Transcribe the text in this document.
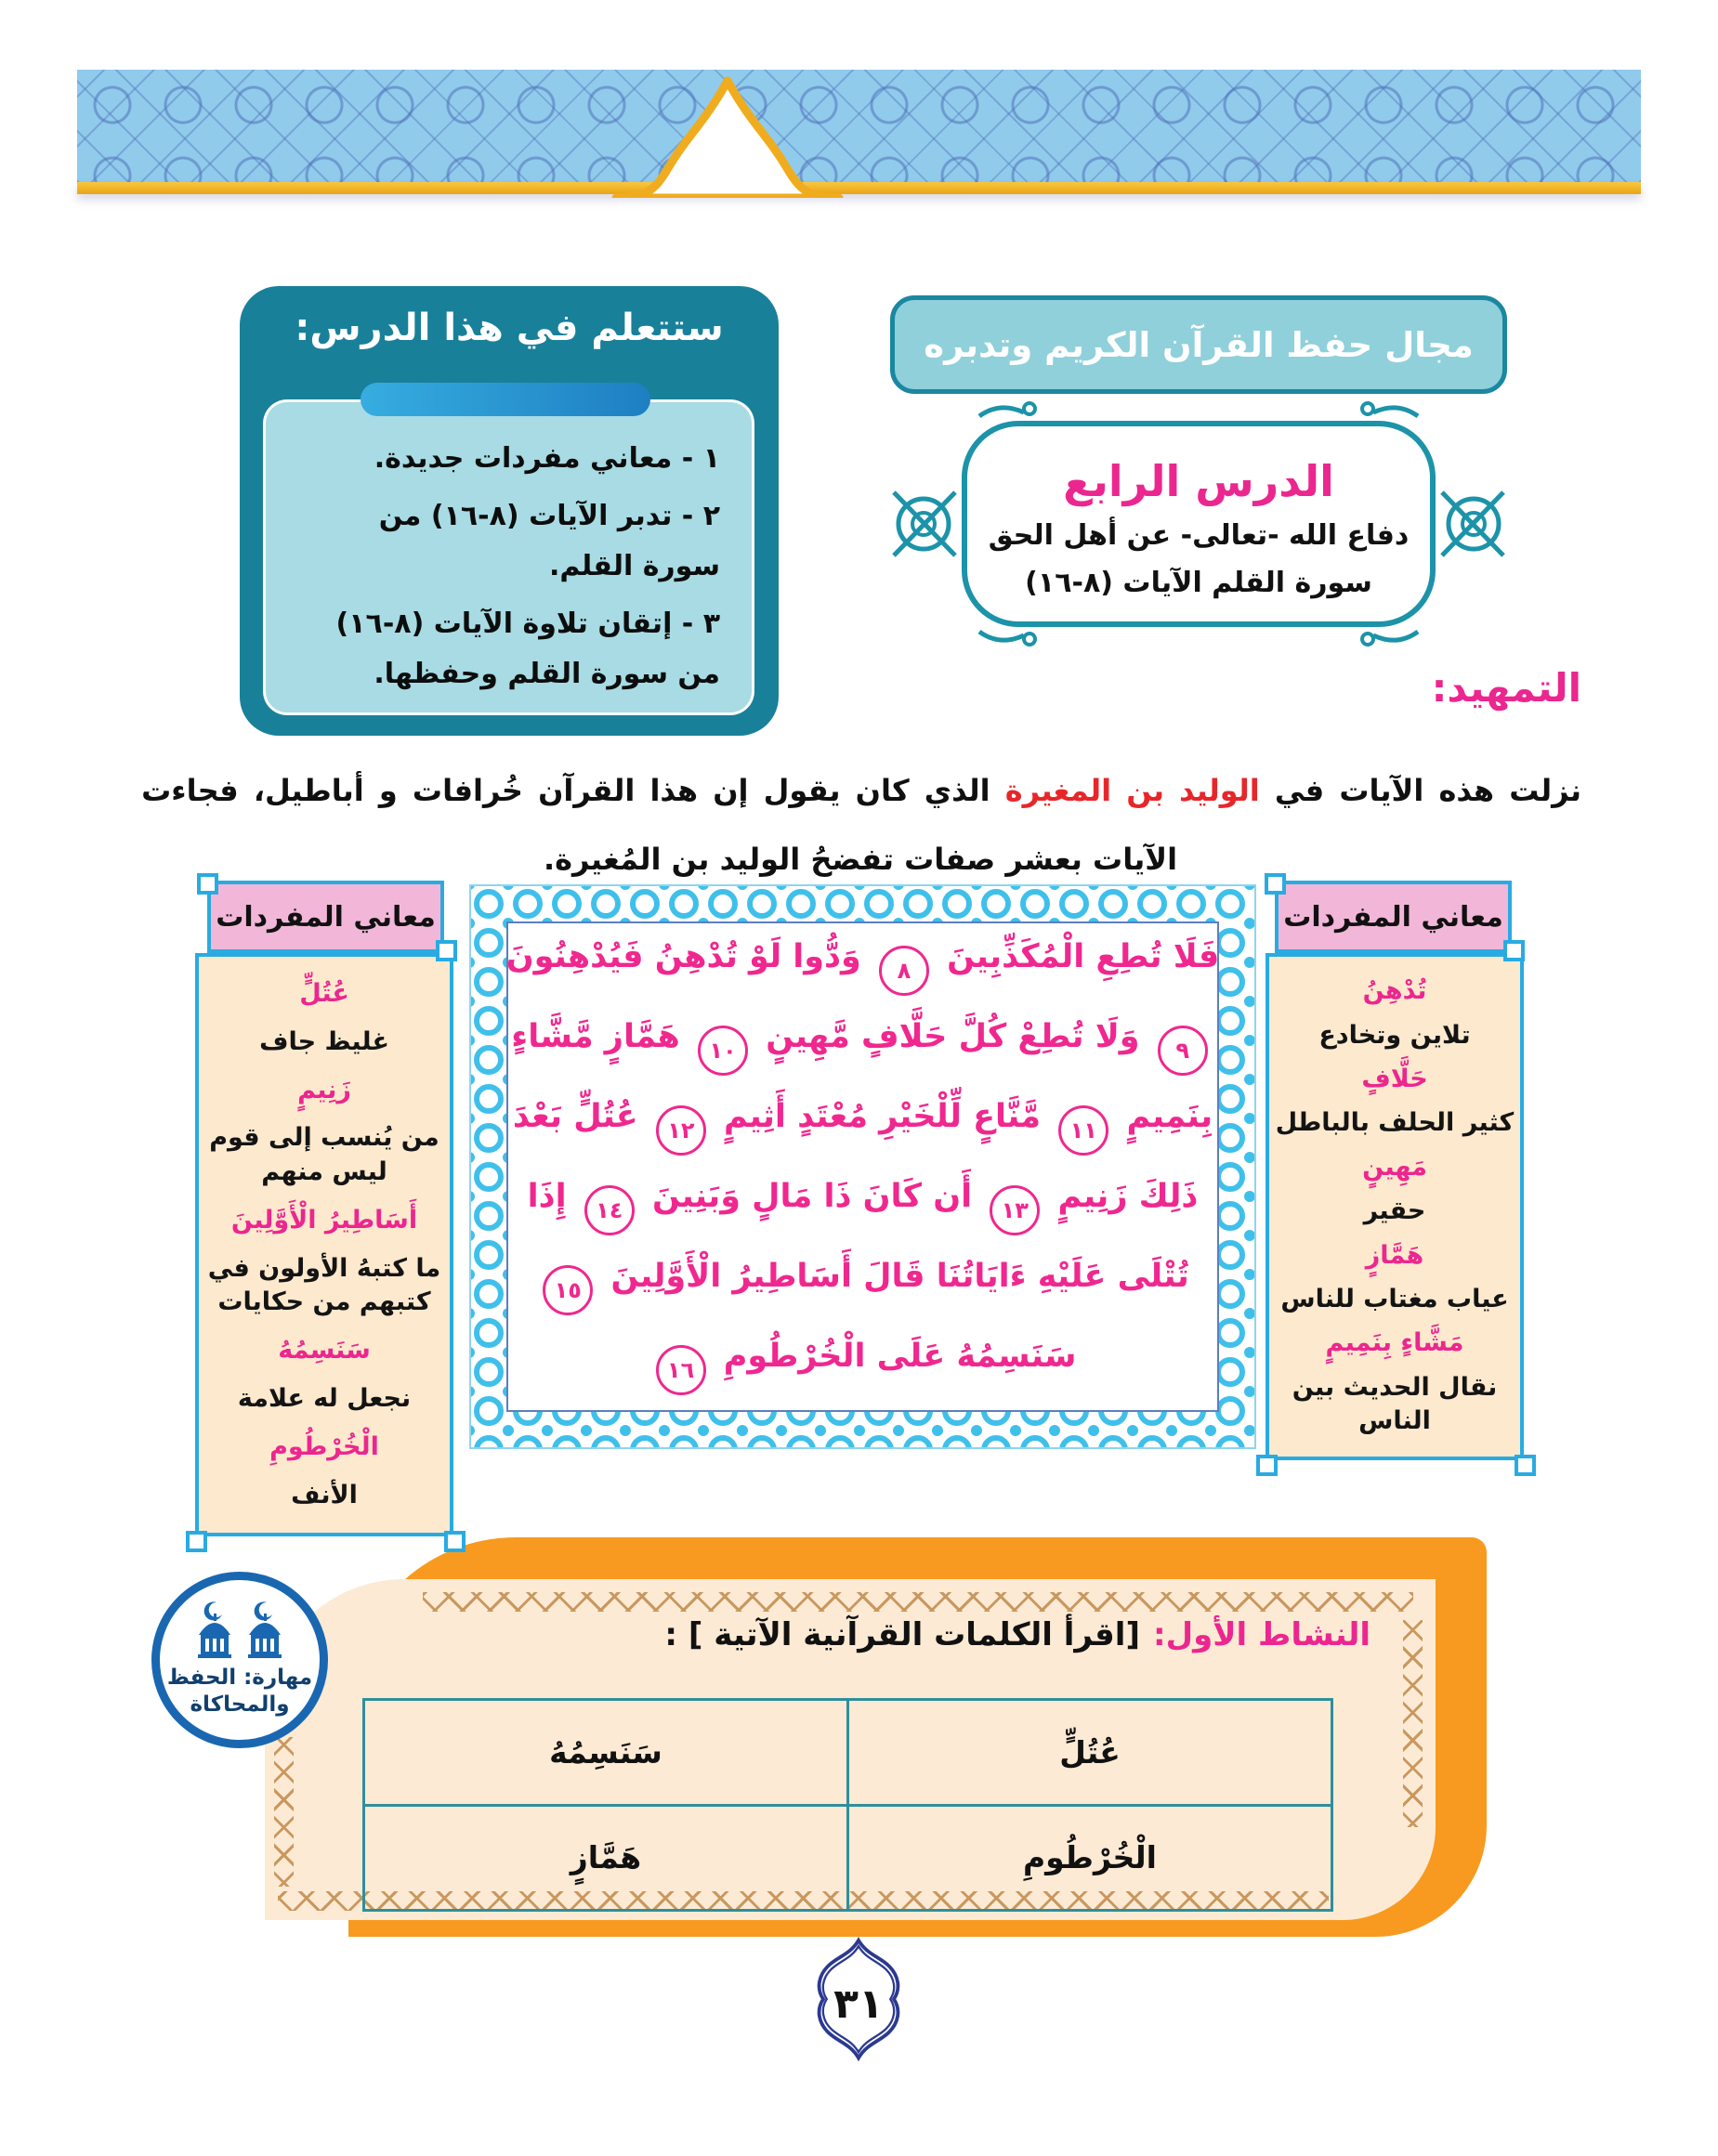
مجال حفظ القرآن الكريم وتدبره
الدرس الرابع
دفاع الله -تعالى- عن أهل الحق
سورة القلم الآيات (٨-١٦)
ستتعلم في هذا الدرس:
١ - معاني مفردات جديدة.
٢ - تدبر الآيات (٨-١٦) من سورة القلم.
٣ - إتقان تلاوة الآيات (٨-١٦) من سورة القلم وحفظها.	التمهيد:
نزلت هذه الآيات في الوليد بن المغيرة الذي كان يقول إن هذا القرآن خُرافات و أباطيل، فجاءت
الآيات بعشر صفات تفضحُ الوليد بن المُغيرة.
فَلَا تُطِعِ الْمُكَذِّبِينَ ٨ وَدُّوا لَوْ تُدْهِنُ فَيُدْهِنُونَ
٩ وَلَا تُطِعْ كُلَّ حَلَّافٍ مَّهِينٍ ١٠ هَمَّازٍ مَّشَّاءٍ
بِنَمِيمٍ ١١ مَّنَّاعٍ لِّلْخَيْرِ مُعْتَدٍ أَثِيمٍ ١٢ عُتُلٍّ بَعْدَ
ذَلِكَ زَنِيمٍ ١٣ أَن كَانَ ذَا مَالٍ وَبَنِينَ ١٤ إِذَا
تُتْلَى عَلَيْهِ ءَايَاتُنَا قَالَ أَسَاطِيرُ الْأَوَّلِينَ ١٥
سَنَسِمُهُ عَلَى الْخُرْطُومِ ١٦
معاني المفردات
عُتُلٍّ
غليظ جاف
زَنِيمٍ
من يُنسب إلى قوم ليس منهم
أَسَاطِيرُ الْأَوَّلِينَ
ما كتبهُ الأولون في كتبهم من حكايات
سَنَسِمُهُ
نجعل له علامة
الْخُرْطُومِ
الأنف
معاني المفردات
تُدْهِنُ
تلاين وتخادع
حَلَّافٍ
كثير الحلف بالباطل
مَهِينٍ
حقير
هَمَّازٍ
عياب مغتاب للناس
مَشَّاءٍ بِنَمِيمٍ
نقال الحديث بين الناس
النشاط الأول:[اقرأ الكلمات القرآنية الآتية ] :
عُتُلٍّ	سَنَسِمُهُ
الْخُرْطُومِ	هَمَّازٍ
مهارة: الحفظ
والمحاكاة
٣١
